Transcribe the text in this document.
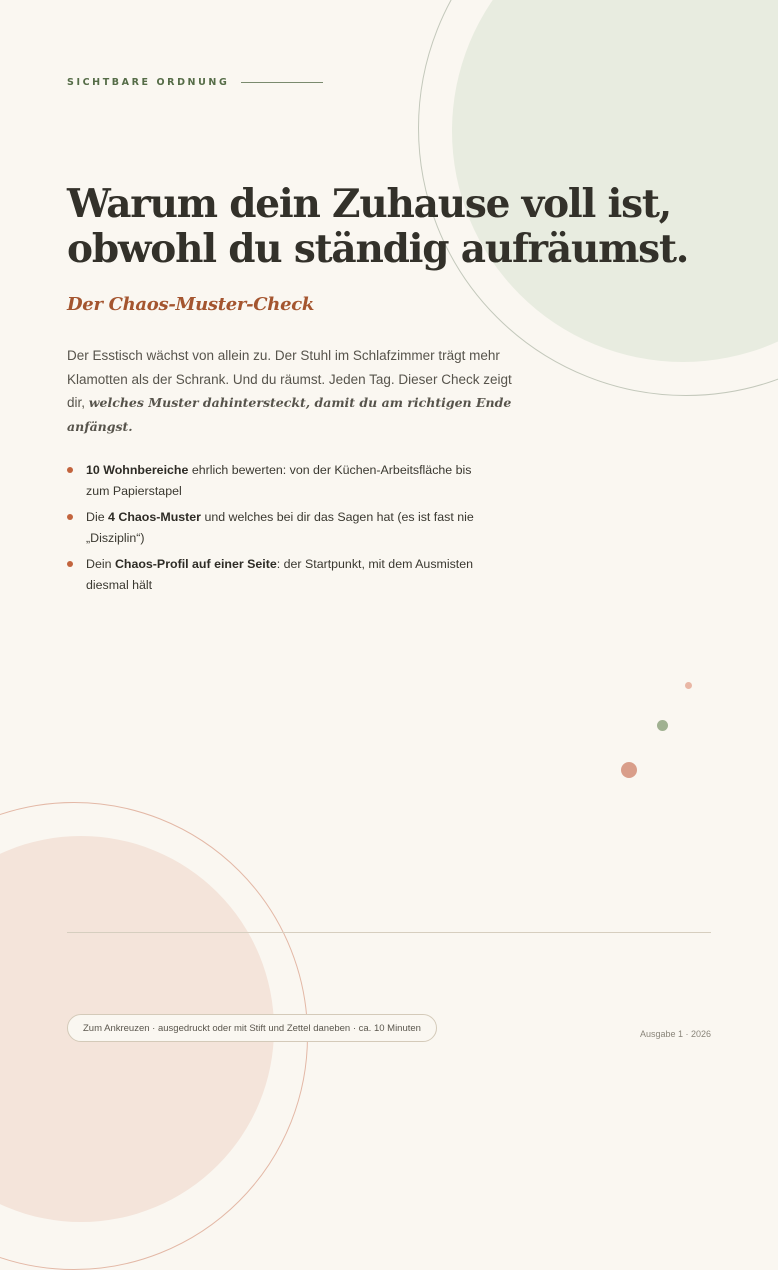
SICHTBARE ORDNUNG
Warum dein Zuhause voll ist,
obwohl du ständig aufräumst.
Der Chaos-Muster-Check

Der Esstisch wächst von allein zu. Der Stuhl im Schlafzimmer trägt mehr Klamotten als der Schrank. Und du räumst. Jeden Tag. Dieser Check zeigt dir, welches Muster dahintersteckt, damit du am richtigen Ende anfängst.

10 Wohnbereiche ehrlich bewerten: von der Küchen-Arbeitsfläche bis zum Papierstapel
Die 4 Chaos-Muster und welches bei dir das Sagen hat (es ist fast nie „Disziplin“)
Dein Chaos-Profil auf einer Seite: der Startpunkt, mit dem Ausmisten diesmal hält
Zum Ankreuzen · ausgedruckt oder mit Stift und Zettel daneben · ca. 10 Minuten
Ausgabe 1 · 2026
